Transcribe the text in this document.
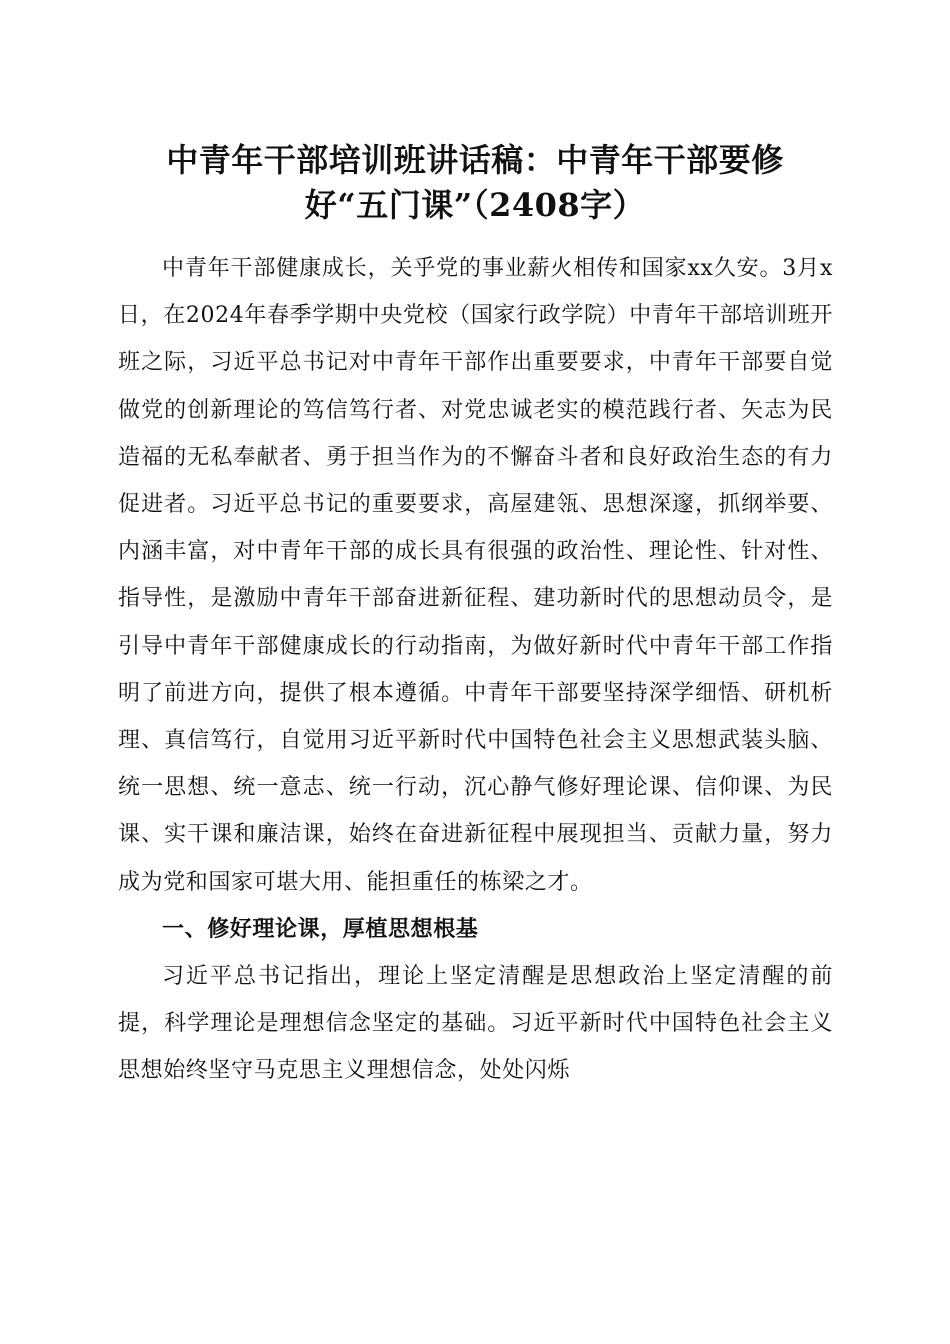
中青年干部培训班讲话稿：中青年干部要修
好“五门课”（2408字）

中青年干部健康成长，关乎党的事业薪火相传和国家xx久安。3月x日，在2024年春季学期中央党校（国家行政学院）中青年干部培训班开班之际，习近平总书记对中青年干部作出重要要求，中青年干部要自觉做党的创新理论的笃信笃行者、对党忠诚老实的模范践行者、矢志为民造福的无私奉献者、勇于担当作为的不懈奋斗者和良好政治生态的有力促进者。习近平总书记的重要要求，高屋建瓴、思想深邃，抓纲举要、内涵丰富，对中青年干部的成长具有很强的政治性、理论性、针对性、指导性，是激励中青年干部奋进新征程、建功新时代的思想动员令，是引导中青年干部健康成长的行动指南，为做好新时代中青年干部工作指明了前进方向，提供了根本遵循。中青年干部要坚持深学细悟、研机析理、真信笃行，自觉用习近平新时代中国特色社会主义思想武装头脑、统一思想、统一意志、统一行动，沉心静气修好理论课、信仰课、为民课、实干课和廉洁课，始终在奋进新征程中展现担当、贡献力量，努力成为党和国家可堪大用、能担重任的栋梁之才。

一、修好理论课，厚植思想根基

习近平总书记指出，理论上坚定清醒是思想政治上坚定清醒的前提，科学理论是理想信念坚定的基础。习近平新时代中国特色社会主义思想始终坚守马克思主义理想信念，处处闪烁
